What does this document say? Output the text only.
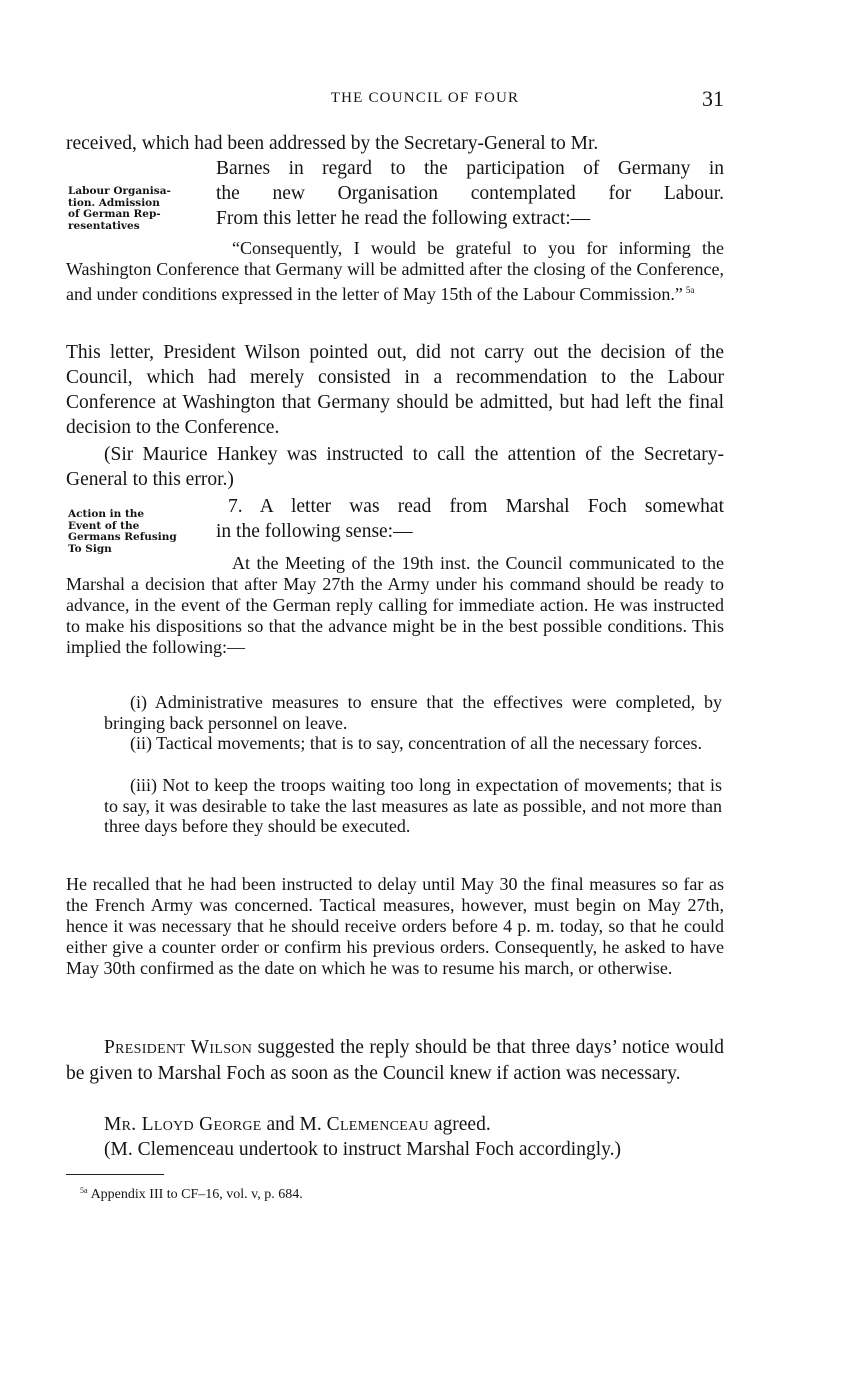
THE COUNCIL OF FOUR	31

received, which had been addressed by the Secretary-General to Mr.

Labour Organisa-
tion. Admission
of German Rep-
resentatives
Barnes in regard to the participation of Germany in
the new Organisation contemplated for Labour.
From this letter he read the following extract:—

“Consequently, I would be grateful to you for informing the Washington Conference that Germany will be admitted after the closing of the Conference, and under conditions expressed in the letter of May 15th of the Labour Commission.” $^{5a}$

This letter, President Wilson pointed out, did not carry out the decision of the Council, which had merely consisted in a recommendation to the Labour Conference at Washington that Germany should be admitted, but had left the final decision to the Conference.

(Sir Maurice Hankey was instructed to call the attention of the Secretary-General to this error.)

Action in the
Event of the
Germans Refusing
To Sign
7. A letter was read from Marshal Foch somewhat
in the following sense:—

At the Meeting of the 19th inst. the Council communicated to the Marshal a decision that after May 27th the Army under his command should be ready to advance, in the event of the German reply calling for immediate action. He was instructed to make his dispositions so that the advance might be in the best possible conditions. This implied the following:—

(i) Administrative measures to ensure that the effectives were completed, by bringing back personnel on leave.

(ii) Tactical movements; that is to say, concentration of all the necessary forces.

(iii) Not to keep the troops waiting too long in expectation of movements; that is to say, it was desirable to take the last measures as late as possible, and not more than three days before they should be executed.

He recalled that he had been instructed to delay until May 30 the final measures so far as the French Army was concerned. Tactical measures, however, must begin on May 27th, hence it was necessary that he should receive orders before 4 p. m. today, so that he could either give a counter order or confirm his previous orders. Consequently, he asked to have May 30th confirmed as the date on which he was to resume his march, or otherwise.

President Wilson suggested the reply should be that three days’ notice would be given to Marshal Foch as soon as the Council knew if action was necessary.

Mr. Lloyd George and M. Clemenceau agreed.

(M. Clemenceau undertook to instruct Marshal Foch accordingly.)

$^{5a}$ Appendix III to CF–16, vol. v, p. 684.
